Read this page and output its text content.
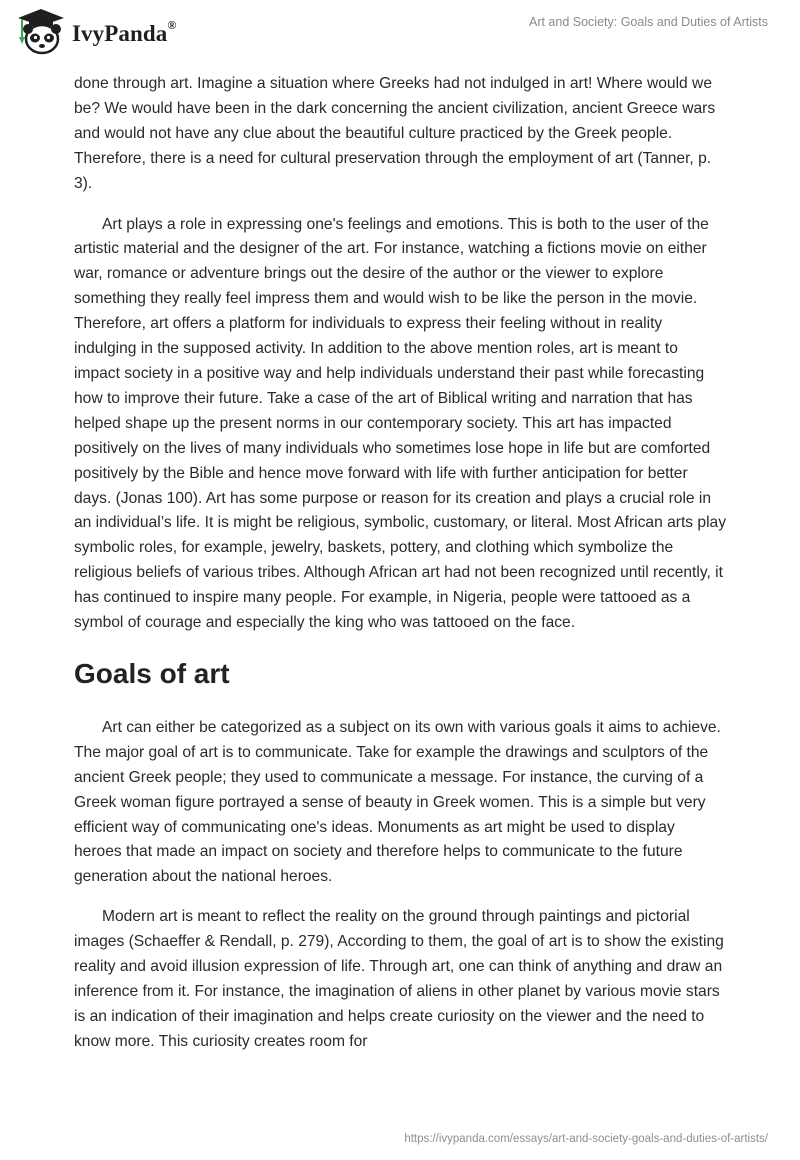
IvyPanda®	Art and Society: Goals and Duties of Artists

done through art. Imagine a situation where Greeks had not indulged in art! Where would we be? We would have been in the dark concerning the ancient civilization, ancient Greece wars and would not have any clue about the beautiful culture practiced by the Greek people. Therefore, there is a need for cultural preservation through the employment of art (Tanner, p. 3).

Art plays a role in expressing one's feelings and emotions. This is both to the user of the artistic material and the designer of the art. For instance, watching a fictions movie on either war, romance or adventure brings out the desire of the author or the viewer to explore something they really feel impress them and would wish to be like the person in the movie. Therefore, art offers a platform for individuals to express their feeling without in reality indulging in the supposed activity. In addition to the above mention roles, art is meant to impact society in a positive way and help individuals understand their past while forecasting how to improve their future. Take a case of the art of Biblical writing and narration that has helped shape up the present norms in our contemporary society. This art has impacted positively on the lives of many individuals who sometimes lose hope in life but are comforted positively by the Bible and hence move forward with life with further anticipation for better days. (Jonas 100). Art has some purpose or reason for its creation and plays a crucial role in an individual’s life. It is might be religious, symbolic, customary, or literal. Most African arts play symbolic roles, for example, jewelry, baskets, pottery, and clothing which symbolize the religious beliefs of various tribes. Although African art had not been recognized until recently, it has continued to inspire many people. For example, in Nigeria, people were tattooed as a symbol of courage and especially the king who was tattooed on the face.

Goals of art

Art can either be categorized as a subject on its own with various goals it aims to achieve. The major goal of art is to communicate. Take for example the drawings and sculptors of the ancient Greek people; they used to communicate a message. For instance, the curving of a Greek woman figure portrayed a sense of beauty in Greek women. This is a simple but very efficient way of communicating one's ideas. Monuments as art might be used to display heroes that made an impact on society and therefore helps to communicate to the future generation about the national heroes.

Modern art is meant to reflect the reality on the ground through paintings and pictorial images (Schaeffer & Rendall, p. 279), According to them, the goal of art is to show the existing reality and avoid illusion expression of life. Through art, one can think of anything and draw an inference from it. For instance, the imagination of aliens in other planet by various movie stars is an indication of their imagination and helps create curiosity on the viewer and the need to know more. This curiosity creates room for

https://ivypanda.com/essays/art-and-society-goals-and-duties-of-artists/
